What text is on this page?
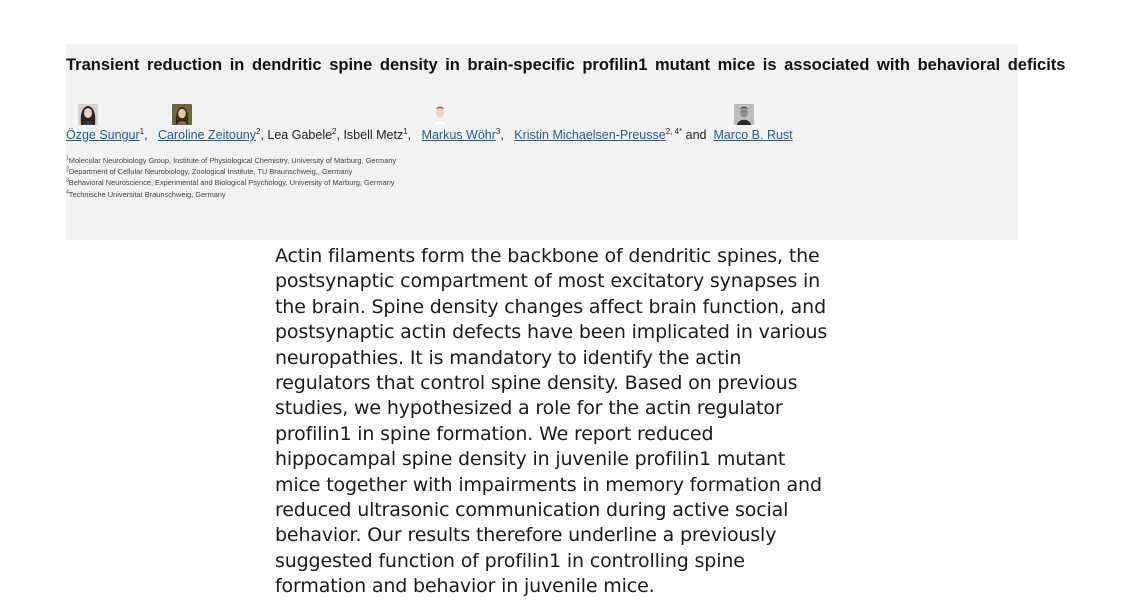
Transient reduction in dendritic spine density in brain-specific profilin1 mutant mice is associated with behavioral deficits
Özge Sungur$^1$,   Caroline Zeitouny$^2$, Lea Gabele$^2$, Isbell Metz$^1$,   Markus Wöhr$^3$,   Kristin Michaelsen-Preusse$^{2, 4*}$ and  Marco B. Rust
$^1$Molecular Neurobiology Group, Institute of Physiological Chemistry, University of Marburg, Germany
$^2$Department of Cellular Neurobiology, Zoological Institute, TU Braunschweig,, Germany
$^3$Behavioral Neuroscience, Experimental and Biological Psychology, University of Marburg, Germany
$^4$Technische Universitat Braunschweig, Germany

Actin filaments form the backbone of dendritic spines, the postsynaptic compartment of most excitatory synapses in the brain. Spine density changes affect brain function, and postsynaptic actin defects have been implicated in various neuropathies. It is mandatory to identify the actin regulators that control spine density. Based on previous studies, we hypothesized a role for the actin regulator profilin1 in spine formation. We report reduced hippocampal spine density in juvenile profilin1 mutant mice together with impairments in memory formation and reduced ultrasonic communication during active social behavior. Our results therefore underline a previously suggested function of profilin1 in controlling spine formation and behavior in juvenile mice.
